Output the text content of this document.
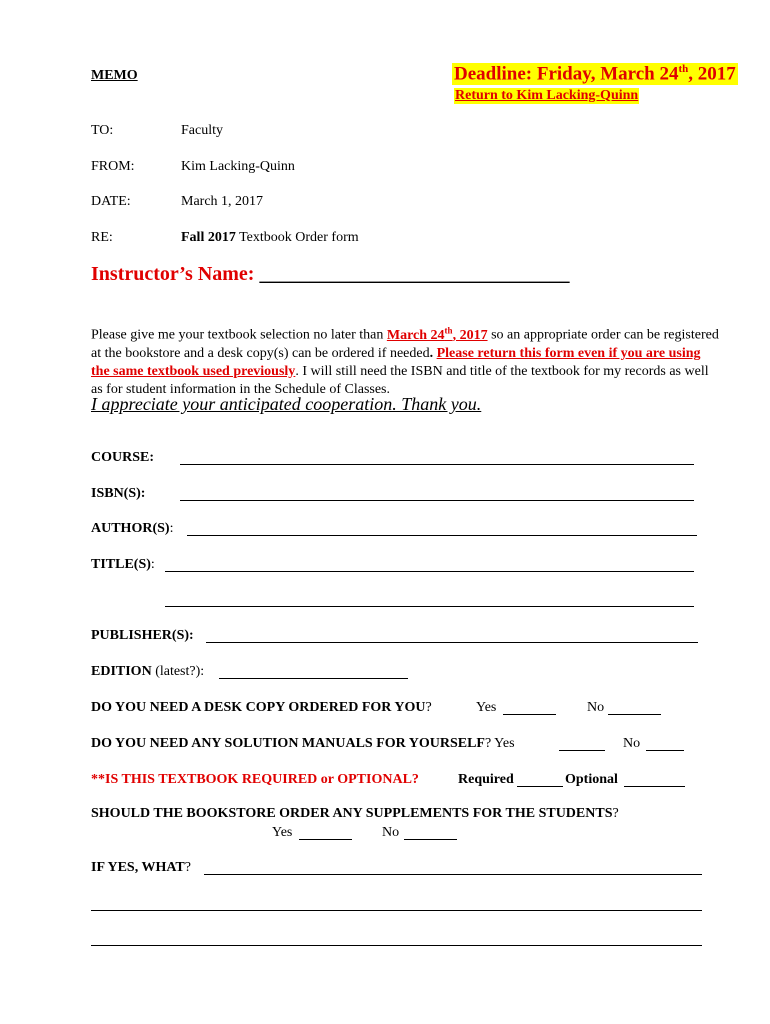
MEMO	Deadline: Friday, March 24th, 2017
Return to Kim Lacking-Quinn
TO:	Faculty
FROM:	Kim Lacking-Quinn
DATE:	March 1, 2017
RE:	Fall 2017 Textbook Order form
Instructor’s Name: _______________________________
Please give me your textbook selection no later than March 24th, 2017 so an appropriate order can be registered at the bookstore and a desk copy(s) can be ordered if needed. Please return this form even if you are using the same textbook used previously. I will still need the ISBN and title of the textbook for my records as well as for student information in the Schedule of Classes.
I appreciate your anticipated cooperation. Thank you.
COURSE:
ISBN(S):
AUTHOR(S):
TITLE(S):
PUBLISHER(S):
EDITION (latest?):
DO YOU NEED A DESK COPY ORDERED FOR YOU?	Yes	No
DO YOU NEED ANY SOLUTION MANUALS FOR YOURSELF? Yes	No
**IS THIS TEXTBOOK REQUIRED or OPTIONAL?	Required	Optional
SHOULD THE BOOKSTORE ORDER ANY SUPPLEMENTS FOR THE STUDENTS?
Yes	No
IF YES, WHAT?
